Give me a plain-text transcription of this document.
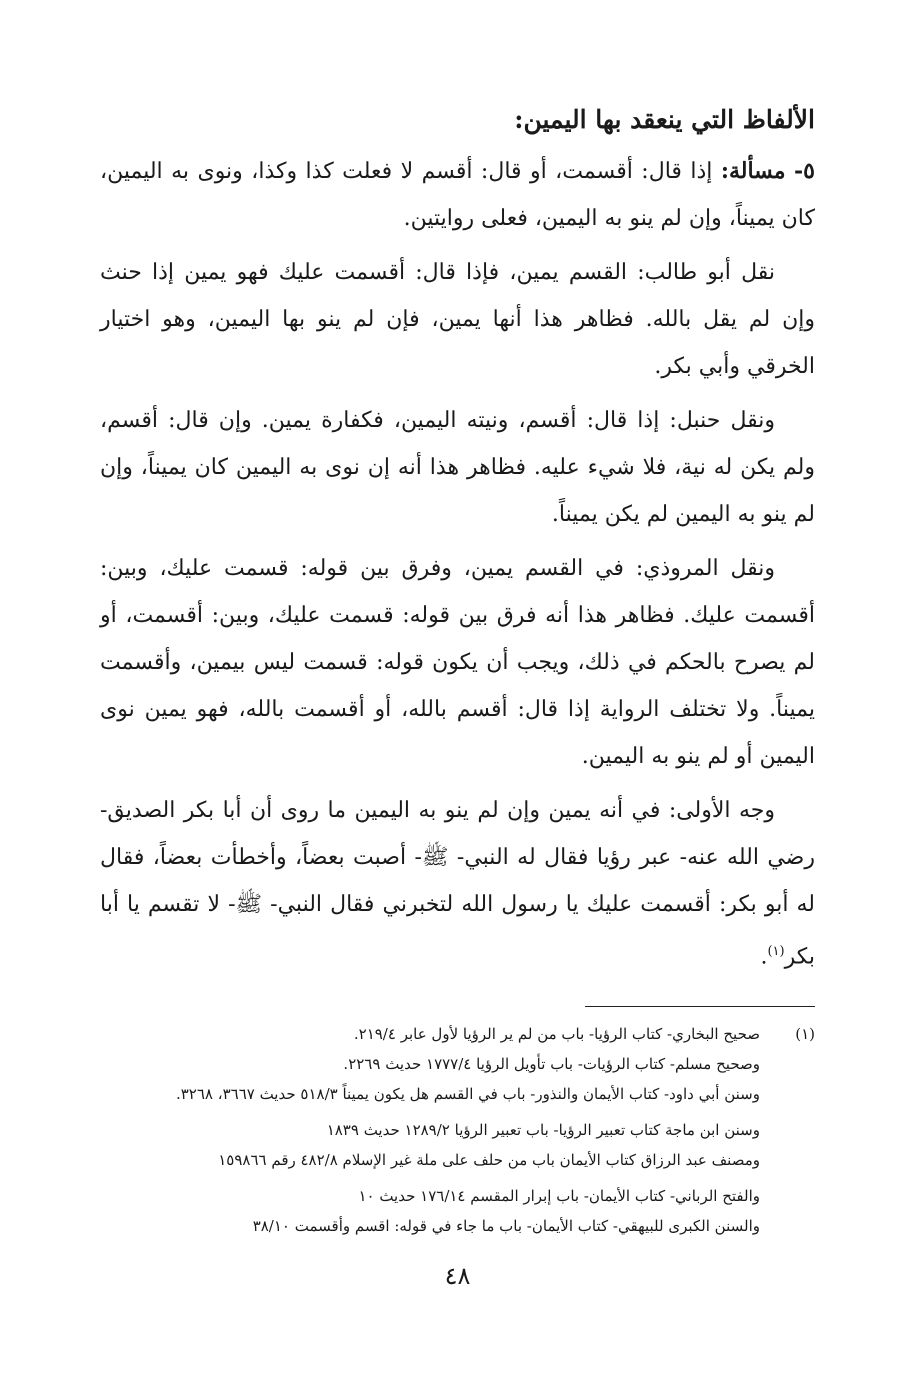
الألفاظ التي ينعقد بها اليمين:

٥- مسألة: إذا قال: أقسمت، أو قال: أقسم لا فعلت كذا وكذا، ونوى به اليمين، كان يميناً، وإن لم ينو به اليمين، فعلى روايتين.

نقل أبو طالب: القسم يمين، فإذا قال: أقسمت عليك فهو يمين إذا حنث وإن لم يقل بالله. فظاهر هذا أنها يمين، فإن لم ينو بها اليمين، وهو اختيار الخرقي وأبي بكر.

ونقل حنبل: إذا قال: أقسم، ونيته اليمين، فكفارة يمين. وإن قال: أقسم، ولم يكن له نية، فلا شيء عليه. فظاهر هذا أنه إن نوى به اليمين كان يميناً، وإن لم ينو به اليمين لم يكن يميناً.

ونقل المروذي: في القسم يمين، وفرق بين قوله: قسمت عليك، وبين: أقسمت عليك. فظاهر هذا أنه فرق بين قوله: قسمت عليك، وبين: أقسمت، أو لم يصرح بالحكم في ذلك، ويجب أن يكون قوله: قسمت ليس بيمين، وأقسمت يميناً. ولا تختلف الرواية إذا قال: أقسم بالله، أو أقسمت بالله، فهو يمين نوى اليمين أو لم ينو به اليمين.

وجه الأولى: في أنه يمين وإن لم ينو به اليمين ما روى أن أبا بكر الصديق- رضي الله عنه- عبر رؤيا فقال له النبي- ﷺ- أصبت بعضاً، وأخطأت بعضاً، فقال له أبو بكر: أقسمت عليك يا رسول الله لتخبرني فقال النبي- ﷺ- لا تقسم يا أبا بكر$^{(١)}$.

(١)
صحيح البخاري- كتاب الرؤيا- باب من لم ير الرؤيا لأول عابر ٢١٩/٤.
وصحيح مسلم- كتاب الرؤيات- باب تأويل الرؤيا ١٧٧٧/٤ حديث ٢٢٦٩.
وسنن أبي داود- كتاب الأيمان والنذور- باب في القسم هل يكون يميناً ٥١٨/٣ حديث ٣٦٦٧، ٣٢٦٨.
وسنن ابن ماجة كتاب تعبير الرؤيا- باب تعبير الرؤيا ١٢٨٩/٢ حديث ١٨٣٩
ومصنف عبد الرزاق كتاب الأيمان باب من حلف على ملة غير الإسلام ٤٨٢/٨ رقم ١٥٩٨٦٦
والفتح الرباني- كتاب الأيمان- باب إبرار المقسم ١٧٦/١٤ حديث ١٠
والسنن الكبرى للبيهقي- كتاب الأيمان- باب ما جاء في قوله: اقسم وأقسمت ٣٨/١٠
٤٨
